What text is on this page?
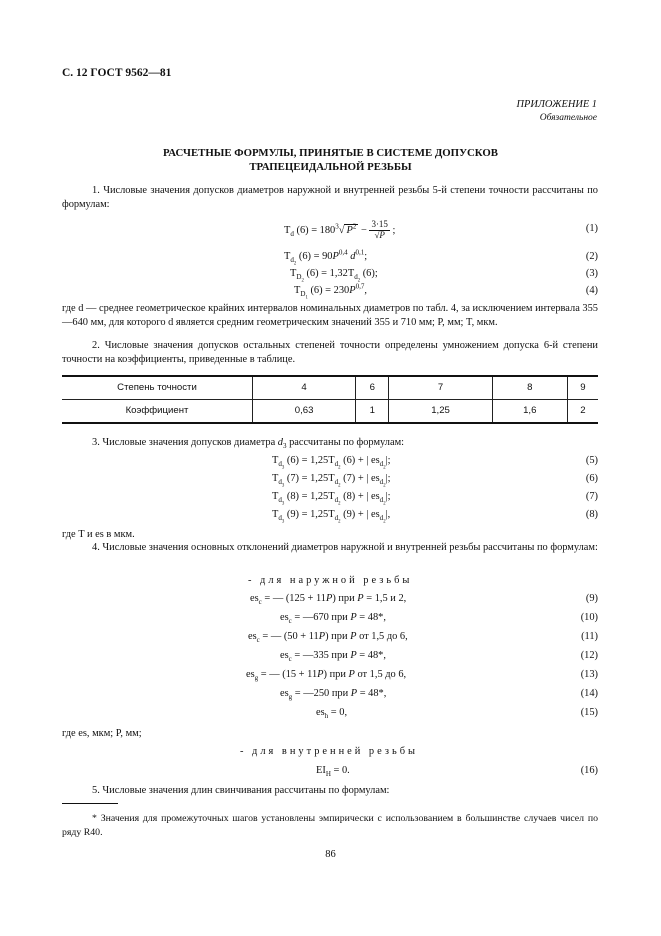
С. 12 ГОСТ 9562—81
ПРИЛОЖЕНИЕ 1
Обязательное
РАСЧЕТНЫЕ ФОРМУЛЫ, ПРИНЯТЫЕ В СИСТЕМЕ ДОПУСКОВ
ТРАПЕЦЕИДАЛЬНОЙ РЕЗЬБЫ
1. Числовые значения допусков диаметров наружной и внутренней резьбы 5-й степени точности рассчитаны по формулам:
$T_d$ $(6) = 180^3√$ $P^2 - \frac{3\cdot 15}{√P}$ ;	(1)
$T_{d_2}$ $(6) = 90P^{0,4}$ $d^{0,1}$;	(2)
$T_{D_2}$ $(6) = 1,32T_{d_2}$ (6);	(3)
$T_{D_1}$ $(6) = 230P^{0,7}$,	(4)
где d — среднее геометрическое крайних интервалов номинальных диаметров по табл. 4, за исключением интервала 355—640 мм, для которого d является средним геометрическим значений 355 и 710 мм; P, мм; T, мкм.
2. Числовые значения допусков остальных степеней точности определены умножением допуска 6-й степени точности на коэффициенты, приведенные в таблице.
Степень точности	4	6	7	8	9
Коэффициент	0,63	1	1,25	1,6	2
3. Числовые значения допусков диаметра $d_3$ рассчитаны по формулам:
$T_{d_3}$ $(6) = 1,25T_{d_2}$ (6) + | $es_{d_2}|$;	(5)
$T_{d_3}$ $(7) = 1,25T_{d_2}$ (7) + | $es_{d_2}|$;	(6)
$T_{d_3}$ $(8) = 1,25T_{d_2}$ (8) + | $es_{d_2}|$;	(7)
$T_{d_3}$ $(9) = 1,25T_{d_2}$ (9) + | $es_{d_2}|$,	(8)
где T и es в мкм.
4. Числовые значения основных отклонений диаметров наружной и внутренней резьбы рассчитаны по формулам:
- для наружной резьбы
$es_c$ = — (125 + 11P) при P = 1,5 и 2,	(9)
$es_c$ = —670 при P = 48*,	(10)
$es_c$ = — (50 + 11P) при P от 1,5 до 6,	(11)
$es_c$ = —335 при P = 48*,	(12)
$es_g$ = — (15 + 11P) при P от 1,5 до 6,	(13)
$es_g$ = —250 при P = 48*,	(14)
$es_h = 0$,	(15)
где es, мкм; P, мм;
- для внутренней резьбы
$EI_H = 0$.	(16)
5. Числовые значения длин свинчивания рассчитаны по формулам:
* Значения для промежуточных шагов установлены эмпирически с использованием в большинстве случаев чисел по ряду R40.
86
